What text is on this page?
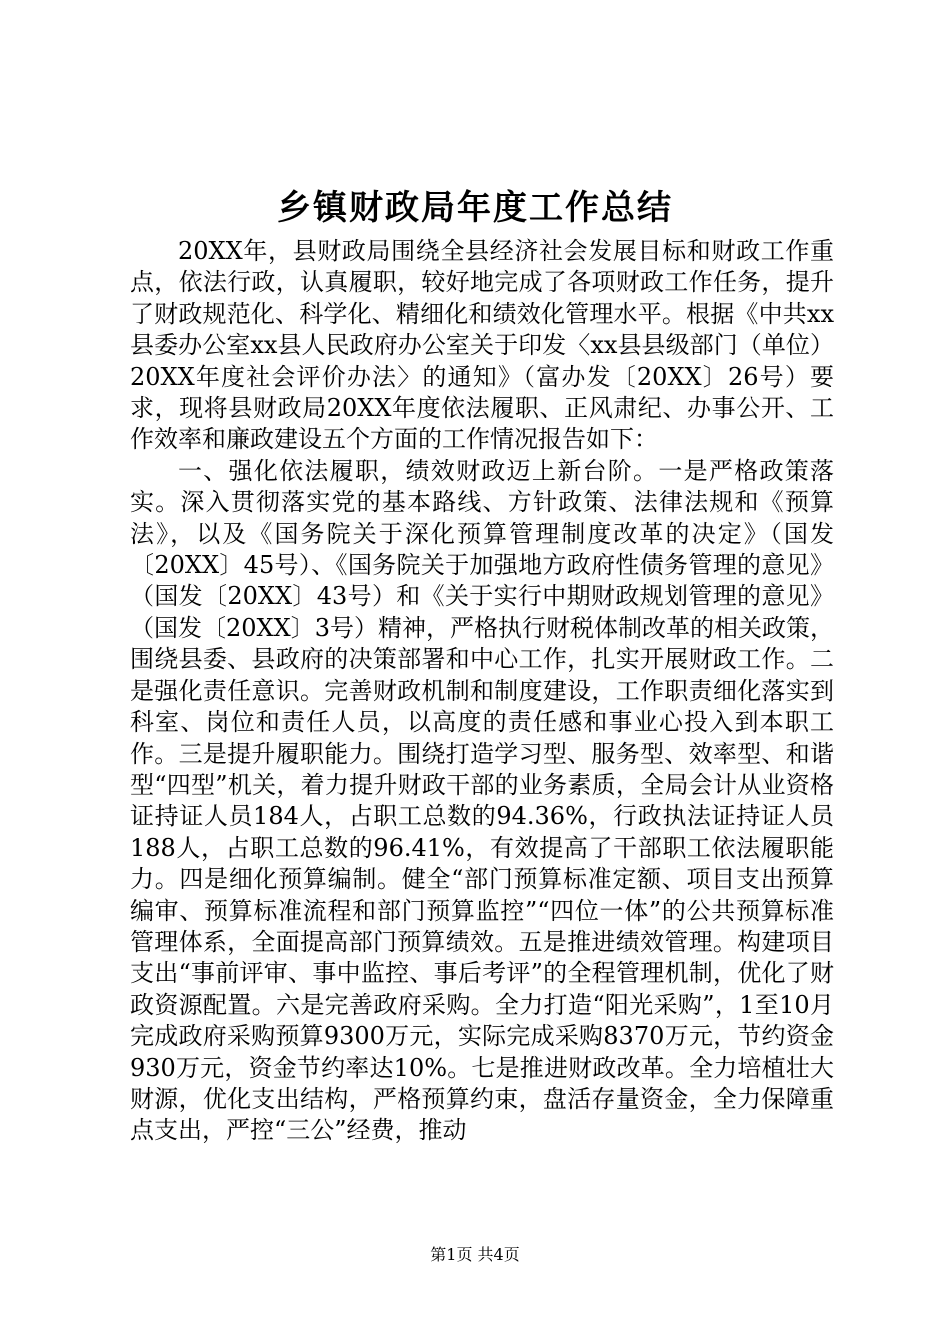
乡镇财政局年度工作总结

20XX年，县财政局围绕全县经济社会发展目标和财政工作重点，依法行政，认真履职，较好地完成了各项财政工作任务，提升了财政规范化、科学化、精细化和绩效化管理水平。根据《中共xx县委办公室xx县人民政府办公室关于印发〈xx县县级部门（单位）20XX年度社会评价办法〉的通知》（富办发〔20XX〕26号）要求，现将县财政局20XX年度依法履职、正风肃纪、办事公开、工作效率和廉政建设五个方面的工作情况报告如下：

一、强化依法履职，绩效财政迈上新台阶。一是严格政策落实。深入贯彻落实党的基本路线、方针政策、法律法规和《预算法》，以及《国务院关于深化预算管理制度改革的决定》（国发〔20XX〕45号）、《国务院关于加强地方政府性债务管理的意见》（国发〔20XX〕43号）和《关于实行中期财政规划管理的意见》（国发〔20XX〕3号）精神，严格执行财税体制改革的相关政策，围绕县委、县政府的决策部署和中心工作，扎实开展财政工作。二是强化责任意识。完善财政机制和制度建设，工作职责细化落实到科室、岗位和责任人员，以高度的责任感和事业心投入到本职工作。三是提升履职能力。围绕打造学习型、服务型、效率型、和谐型“四型”机关，着力提升财政干部的业务素质，全局会计从业资格证持证人员184人，占职工总数的94.36%，行政执法证持证人员188人，占职工总数的96.41%，有效提高了干部职工依法履职能力。四是细化预算编制。健全“部门预算标准定额、项目支出预算编审、预算标准流程和部门预算监控”“四位一体”的公共预算标准管理体系，全面提高部门预算绩效。五是推进绩效管理。构建项目支出“事前评审、事中监控、事后考评”的全程管理机制，优化了财政资源配置。六是完善政府采购。全力打造“阳光采购”，1至10月完成政府采购预算9300万元，实际完成采购8370万元，节约资金930万元，资金节约率达10%。七是推进财政改革。全力培植壮大财源，优化支出结构，严格预算约束，盘活存量资金，全力保障重点支出，严控“三公”经费，推动

第1页 共4页
